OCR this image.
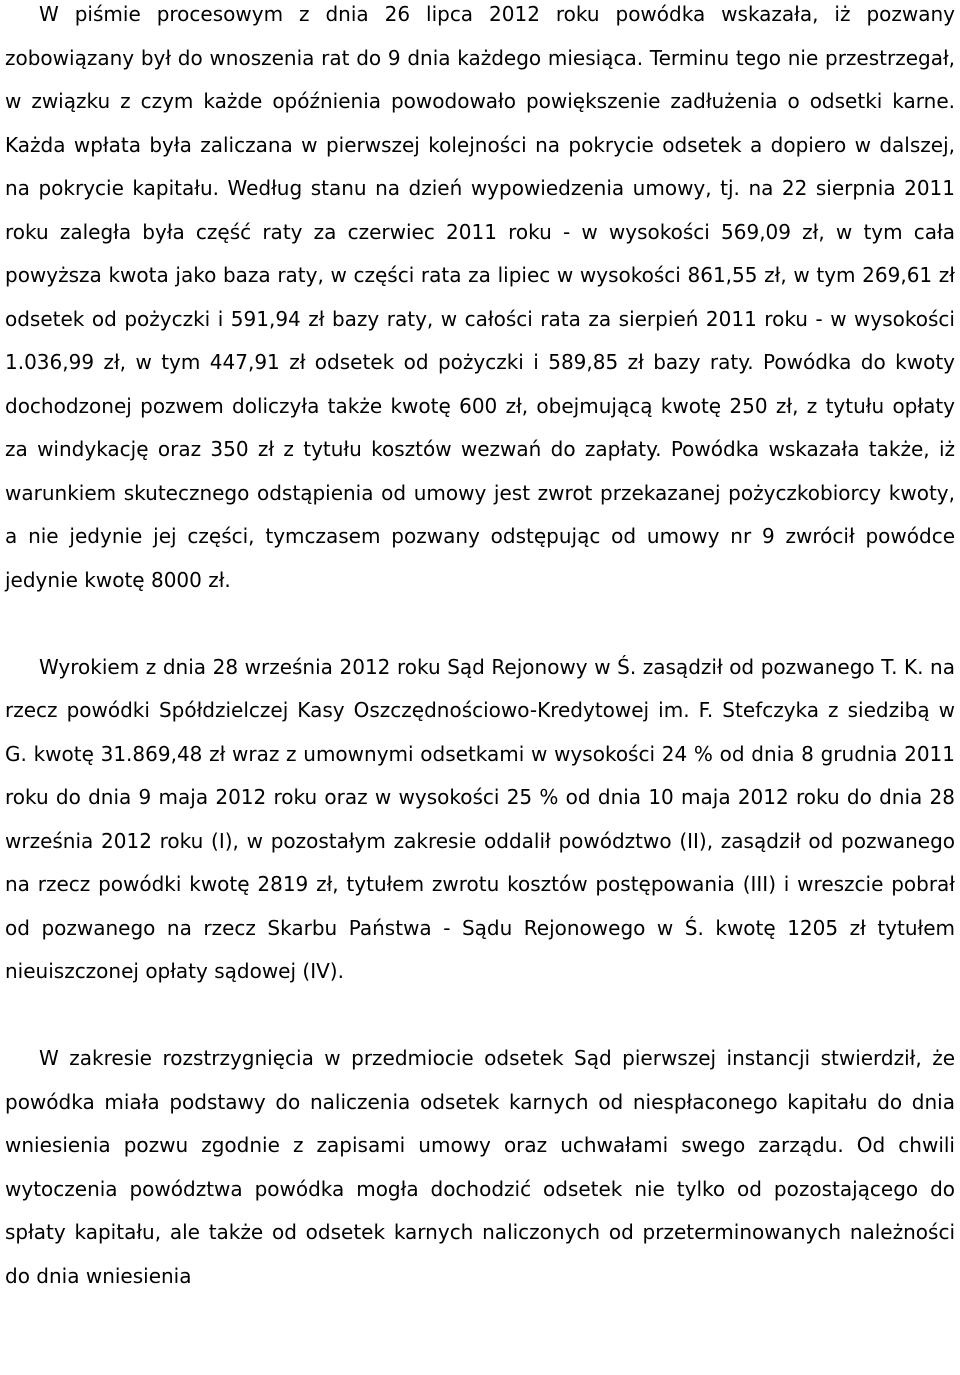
W piśmie procesowym z dnia 26 lipca 2012 roku powódka wskazała, iż pozwany zobowiązany był do wnoszenia rat do 9 dnia każdego miesiąca. Terminu tego nie przestrzegał, w związku z czym każde opóźnienia powodowało powiększenie zadłużenia o odsetki karne. Każda wpłata była zaliczana w pierwszej kolejności na pokrycie odsetek a dopiero w dalszej, na pokrycie kapitału. Według stanu na dzień wypowiedzenia umowy, tj. na 22 sierpnia 2011 roku zaległa była część raty za czerwiec 2011 roku - w wysokości 569,09 zł, w tym cała powyższa kwota jako baza raty, w części rata za lipiec w wysokości 861,55 zł, w tym 269,61 zł odsetek od pożyczki i 591,94 zł bazy raty, w całości rata za sierpień 2011 roku - w wysokości 1.036,99 zł, w tym 447,91 zł odsetek od pożyczki i 589,85 zł bazy raty. Powódka do kwoty dochodzonej pozwem doliczyła także kwotę 600 zł, obejmującą kwotę 250 zł, z tytułu opłaty za windykację oraz 350 zł z tytułu kosztów wezwań do zapłaty. Powódka wskazała także, iż warunkiem skutecznego odstąpienia od umowy jest zwrot przekazanej pożyczkobiorcy kwoty, a nie jedynie jej części, tymczasem pozwany odstępując od umowy nr 9 zwrócił powódce jedynie kwotę 8000 zł.

Wyrokiem z dnia 28 września 2012 roku Sąd Rejonowy w Ś. zasądził od pozwanego T. K. na rzecz powódki Spółdzielczej Kasy Oszczędnościowo-Kredytowej im. F. Stefczyka z siedzibą w G. kwotę 31.869,48 zł wraz z umownymi odsetkami w wysokości 24 % od dnia 8 grudnia 2011 roku do dnia 9 maja 2012 roku oraz w wysokości 25 % od dnia 10 maja 2012 roku do dnia 28 września 2012 roku (I), w pozostałym zakresie oddalił powództwo (II), zasądził od pozwanego na rzecz powódki kwotę 2819 zł, tytułem zwrotu kosztów postępowania (III) i wreszcie pobrał od pozwanego na rzecz Skarbu Państwa - Sądu Rejonowego w Ś. kwotę 1205 zł tytułem nieuiszczonej opłaty sądowej (IV).

W zakresie rozstrzygnięcia w przedmiocie odsetek Sąd pierwszej instancji stwierdził, że powódka miała podstawy do naliczenia odsetek karnych od niespłaconego kapitału do dnia wniesienia pozwu zgodnie z zapisami umowy oraz uchwałami swego zarządu. Od chwili wytoczenia powództwa powódka mogła dochodzić odsetek nie tylko od pozostającego do spłaty kapitału, ale także od odsetek karnych naliczonych od przeterminowanych należności do dnia wniesienia
